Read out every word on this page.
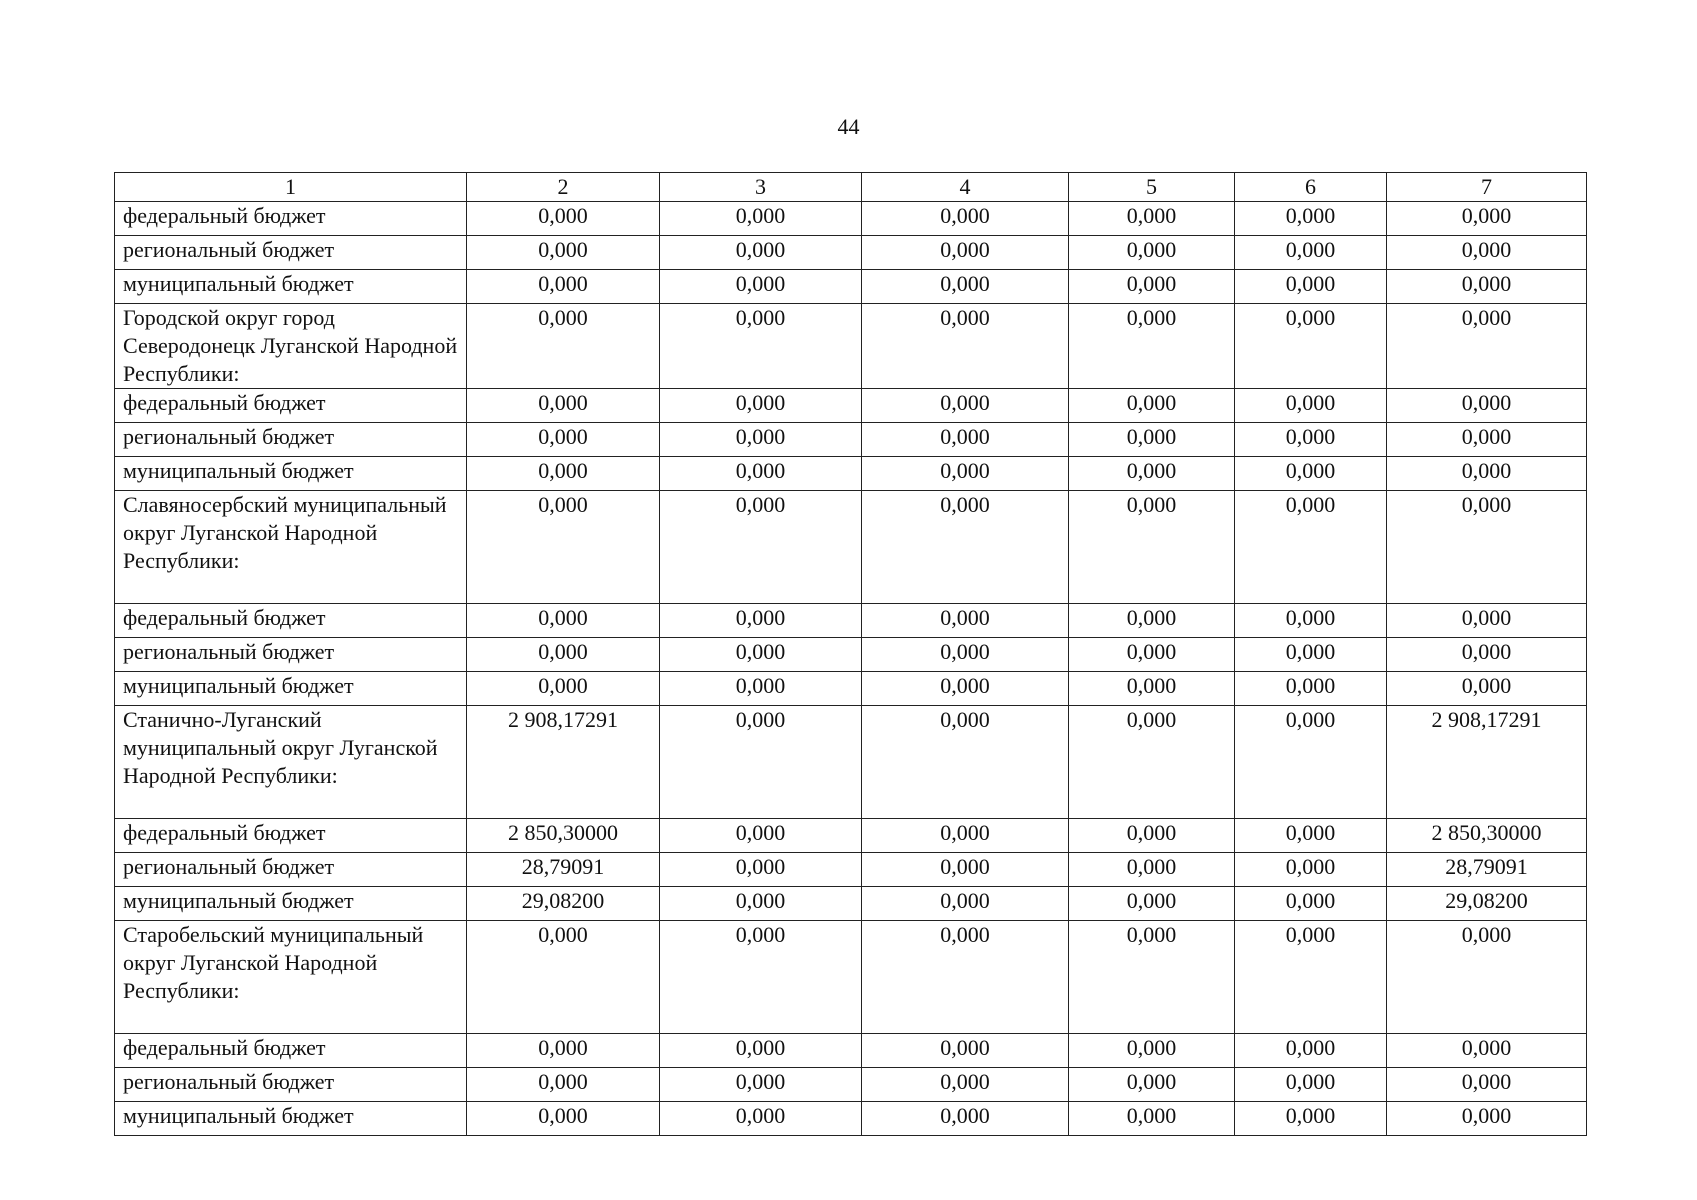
44
1	2	3	4	5	6	7
федеральный бюджет	0,000	0,000	0,000	0,000	0,000	0,000
региональный бюджет	0,000	0,000	0,000	0,000	0,000	0,000
муниципальный бюджет	0,000	0,000	0,000	0,000	0,000	0,000
Городской округ город Северодонецк Луганской Народной Республики:	0,000	0,000	0,000	0,000	0,000	0,000
федеральный бюджет	0,000	0,000	0,000	0,000	0,000	0,000
региональный бюджет	0,000	0,000	0,000	0,000	0,000	0,000
муниципальный бюджет	0,000	0,000	0,000	0,000	0,000	0,000
Славяносербский муниципальный округ Луганской Народной Республики:	0,000	0,000	0,000	0,000	0,000	0,000
федеральный бюджет	0,000	0,000	0,000	0,000	0,000	0,000
региональный бюджет	0,000	0,000	0,000	0,000	0,000	0,000
муниципальный бюджет	0,000	0,000	0,000	0,000	0,000	0,000
Станично-Луганский муниципальный округ Луганской Народной Республики:	2 908,17291	0,000	0,000	0,000	0,000	2 908,17291
федеральный бюджет	2 850,30000	0,000	0,000	0,000	0,000	2 850,30000
региональный бюджет	28,79091	0,000	0,000	0,000	0,000	28,79091
муниципальный бюджет	29,08200	0,000	0,000	0,000	0,000	29,08200
Старобельский муниципальный округ Луганской Народной Республики:	0,000	0,000	0,000	0,000	0,000	0,000
федеральный бюджет	0,000	0,000	0,000	0,000	0,000	0,000
региональный бюджет	0,000	0,000	0,000	0,000	0,000	0,000
муниципальный бюджет	0,000	0,000	0,000	0,000	0,000	0,000
